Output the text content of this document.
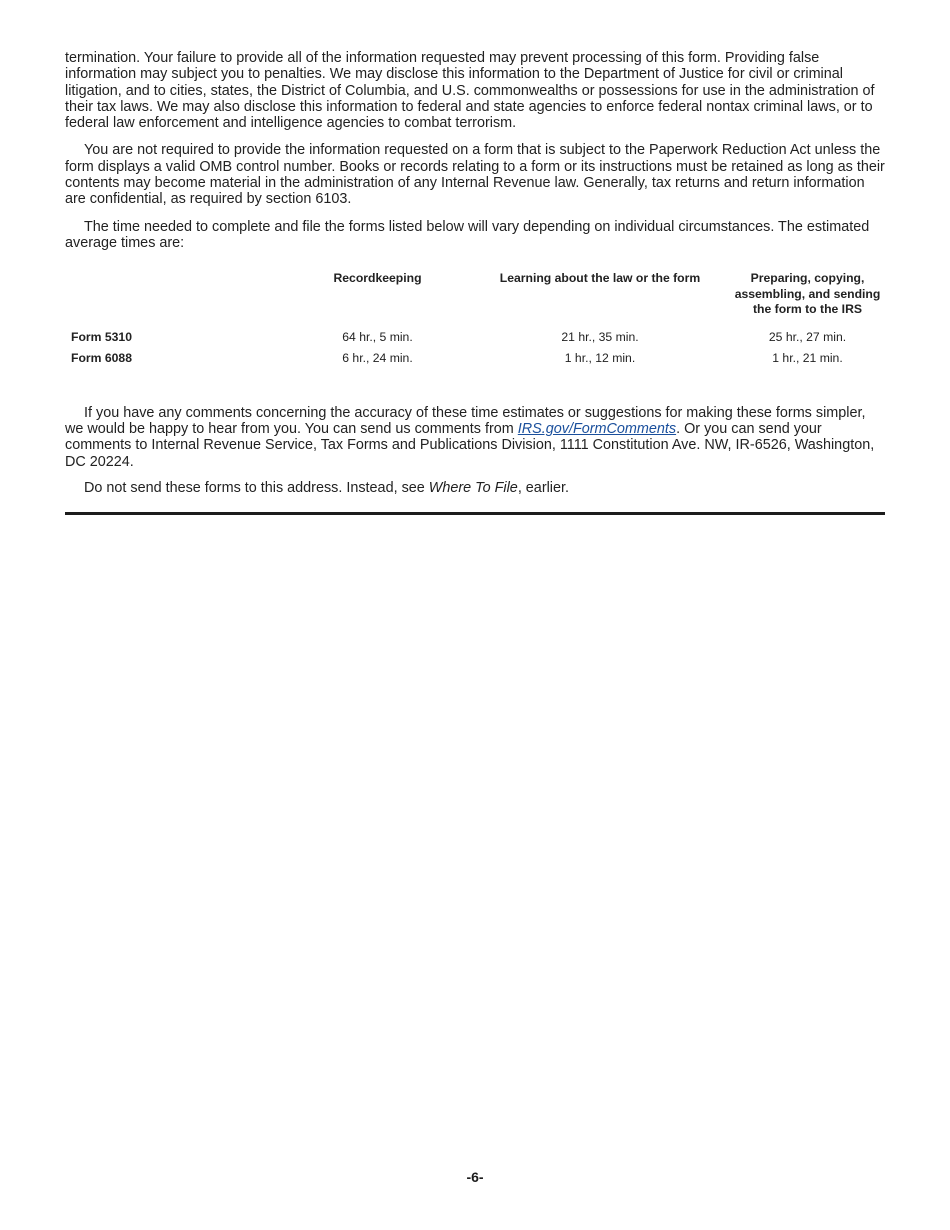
termination. Your failure to provide all of the information requested may prevent processing of this form. Providing false information may subject you to penalties. We may disclose this information to the Department of Justice for civil or criminal litigation, and to cities, states, the District of Columbia, and U.S. commonwealths or possessions for use in the administration of their tax laws. We may also disclose this information to federal and state agencies to enforce federal nontax criminal laws, or to federal law enforcement and intelligence agencies to combat terrorism.

You are not required to provide the information requested on a form that is subject to the Paperwork Reduction Act unless the form displays a valid OMB control number. Books or records relating to a form or its instructions must be retained as long as their contents may become material in the administration of any Internal Revenue law. Generally, tax returns and return information are confidential, as required by section 6103.

The time needed to complete and file the forms listed below will vary depending on individual circumstances. The estimated average times are:

	Recordkeeping	Learning about the law or the form	Preparing, copying, assembling, and sending the form to the IRS
Form 5310	64 hr., 5 min.	21 hr., 35 min.	25 hr., 27 min.
Form 6088	6 hr., 24 min.	1 hr., 12 min.	1 hr., 21 min.

If you have any comments concerning the accuracy of these time estimates or suggestions for making these forms simpler, we would be happy to hear from you. You can send us comments from IRS.gov/FormComments. Or you can send your comments to Internal Revenue Service, Tax Forms and Publications Division, 1111 Constitution Ave. NW, IR-6526, Washington, DC 20224.

Do not send these forms to this address. Instead, see Where To File, earlier.

-6-
